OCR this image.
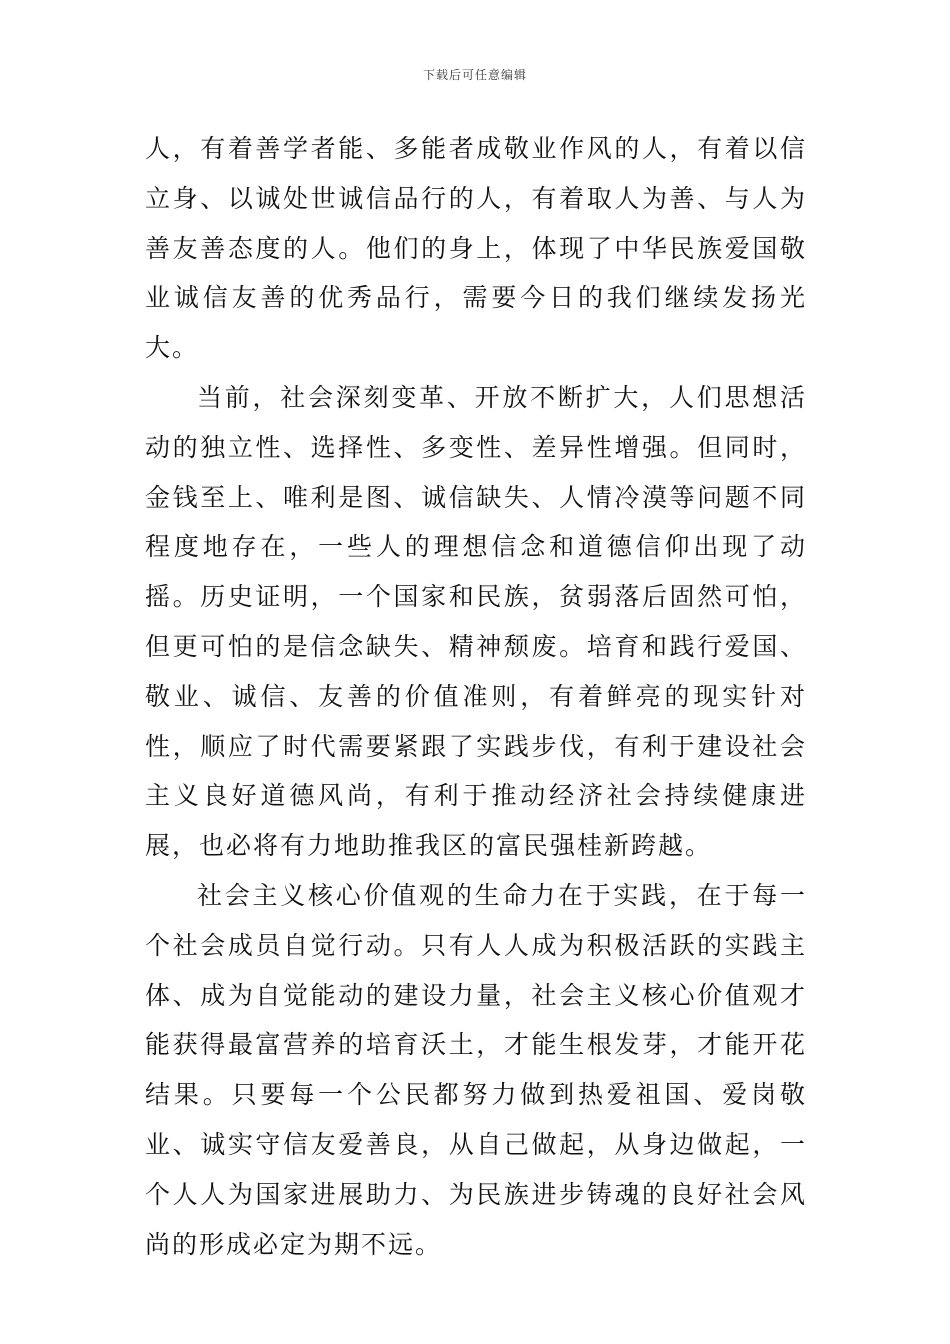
下载后可任意编辑

人，有着善学者能、多能者成敬业作风的人，有着以信立身、以诚处世诚信品行的人，有着取人为善、与人为善友善态度的人。他们的身上，体现了中华民族爱国敬业诚信友善的优秀品行，需要今日的我们继续发扬光大。

当前，社会深刻变革、开放不断扩大，人们思想活动的独立性、选择性、多变性、差异性增强。但同时，金钱至上、唯利是图、诚信缺失、人情冷漠等问题不同程度地存在，一些人的理想信念和道德信仰出现了动摇。历史证明，一个国家和民族，贫弱落后固然可怕，但更可怕的是信念缺失、精神颓废。培育和践行爱国、敬业、诚信、友善的价值准则，有着鲜亮的现实针对性，顺应了时代需要紧跟了实践步伐，有利于建设社会主义良好道德风尚，有利于推动经济社会持续健康进展，也必将有力地助推我区的富民强桂新跨越。

社会主义核心价值观的生命力在于实践，在于每一个社会成员自觉行动。只有人人成为积极活跃的实践主体、成为自觉能动的建设力量，社会主义核心价值观才能获得最富营养的培育沃土，才能生根发芽，才能开花结果。只要每一个公民都努力做到热爱祖国、爱岗敬业、诚实守信友爱善良，从自己做起，从身边做起，一个人人为国家进展助力、为民族进步铸魂的良好社会风尚的形成必定为期不远。
